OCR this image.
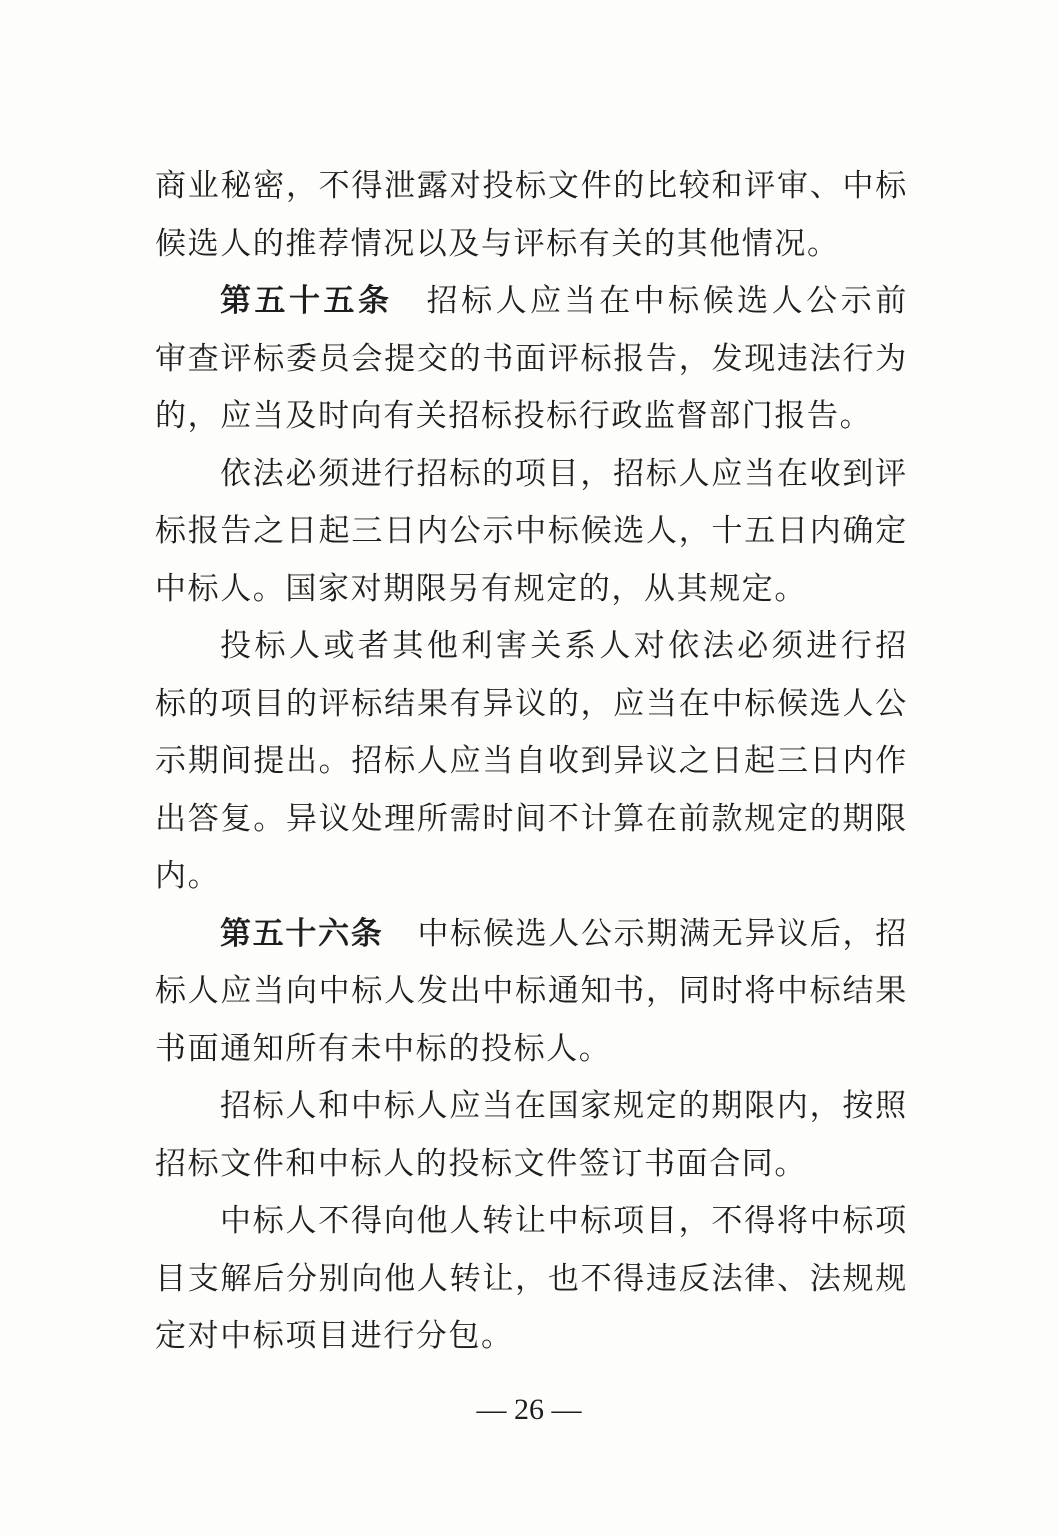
商业秘密，不得泄露对投标文件的比较和评审、中标
候选人的推荐情况以及与评标有关的其他情况。
第五十五条 招标人应当在中标候选人公示前
审查评标委员会提交的书面评标报告，发现违法行为
的，应当及时向有关招标投标行政监督部门报告。
依法必须进行招标的项目，招标人应当在收到评
标报告之日起三日内公示中标候选人，十五日内确定
中标人。国家对期限另有规定的，从其规定。
投标人或者其他利害关系人对依法必须进行招
标的项目的评标结果有异议的，应当在中标候选人公
示期间提出。招标人应当自收到异议之日起三日内作
出答复。异议处理所需时间不计算在前款规定的期限
内。
第五十六条 中标候选人公示期满无异议后，招
标人应当向中标人发出中标通知书，同时将中标结果
书面通知所有未中标的投标人。
招标人和中标人应当在国家规定的期限内，按照
招标文件和中标人的投标文件签订书面合同。
中标人不得向他人转让中标项目，不得将中标项
目支解后分别向他人转让，也不得违反法律、法规规
定对中标项目进行分包。
— 26 —
